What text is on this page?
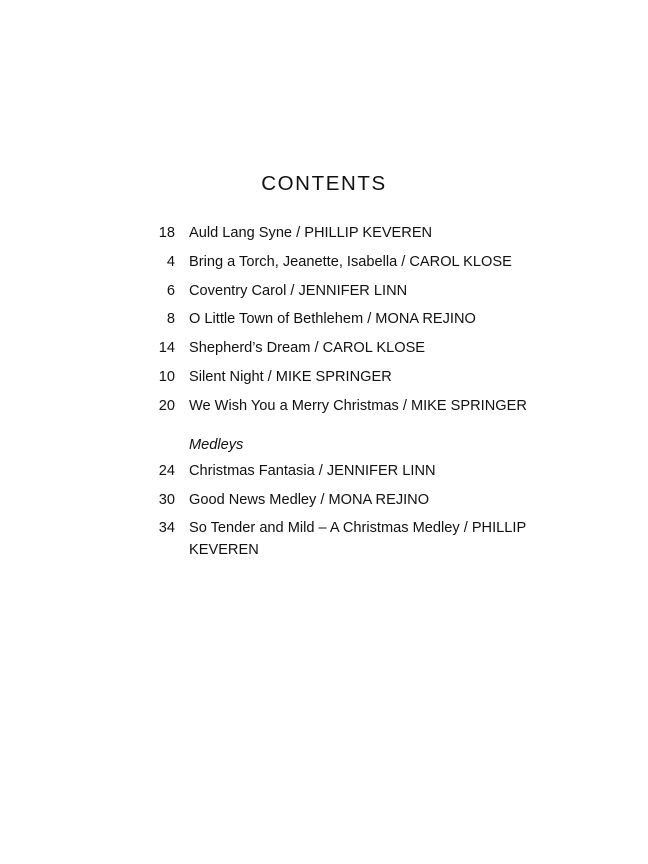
CONTENTS
18 Auld Lang Syne / PHILLIP KEVEREN
4 Bring a Torch, Jeanette, Isabella / CAROL KLOSE
6 Coventry Carol / JENNIFER LINN
8 O Little Town of Bethlehem / MONA REJINO
14 Shepherd’s Dream / CAROL KLOSE
10 Silent Night / MIKE SPRINGER
20 We Wish You a Merry Christmas / MIKE SPRINGER
Medleys
24 Christmas Fantasia / JENNIFER LINN
30 Good News Medley / MONA REJINO
34 So Tender and Mild – A Christmas Medley / PHILLIP KEVEREN
